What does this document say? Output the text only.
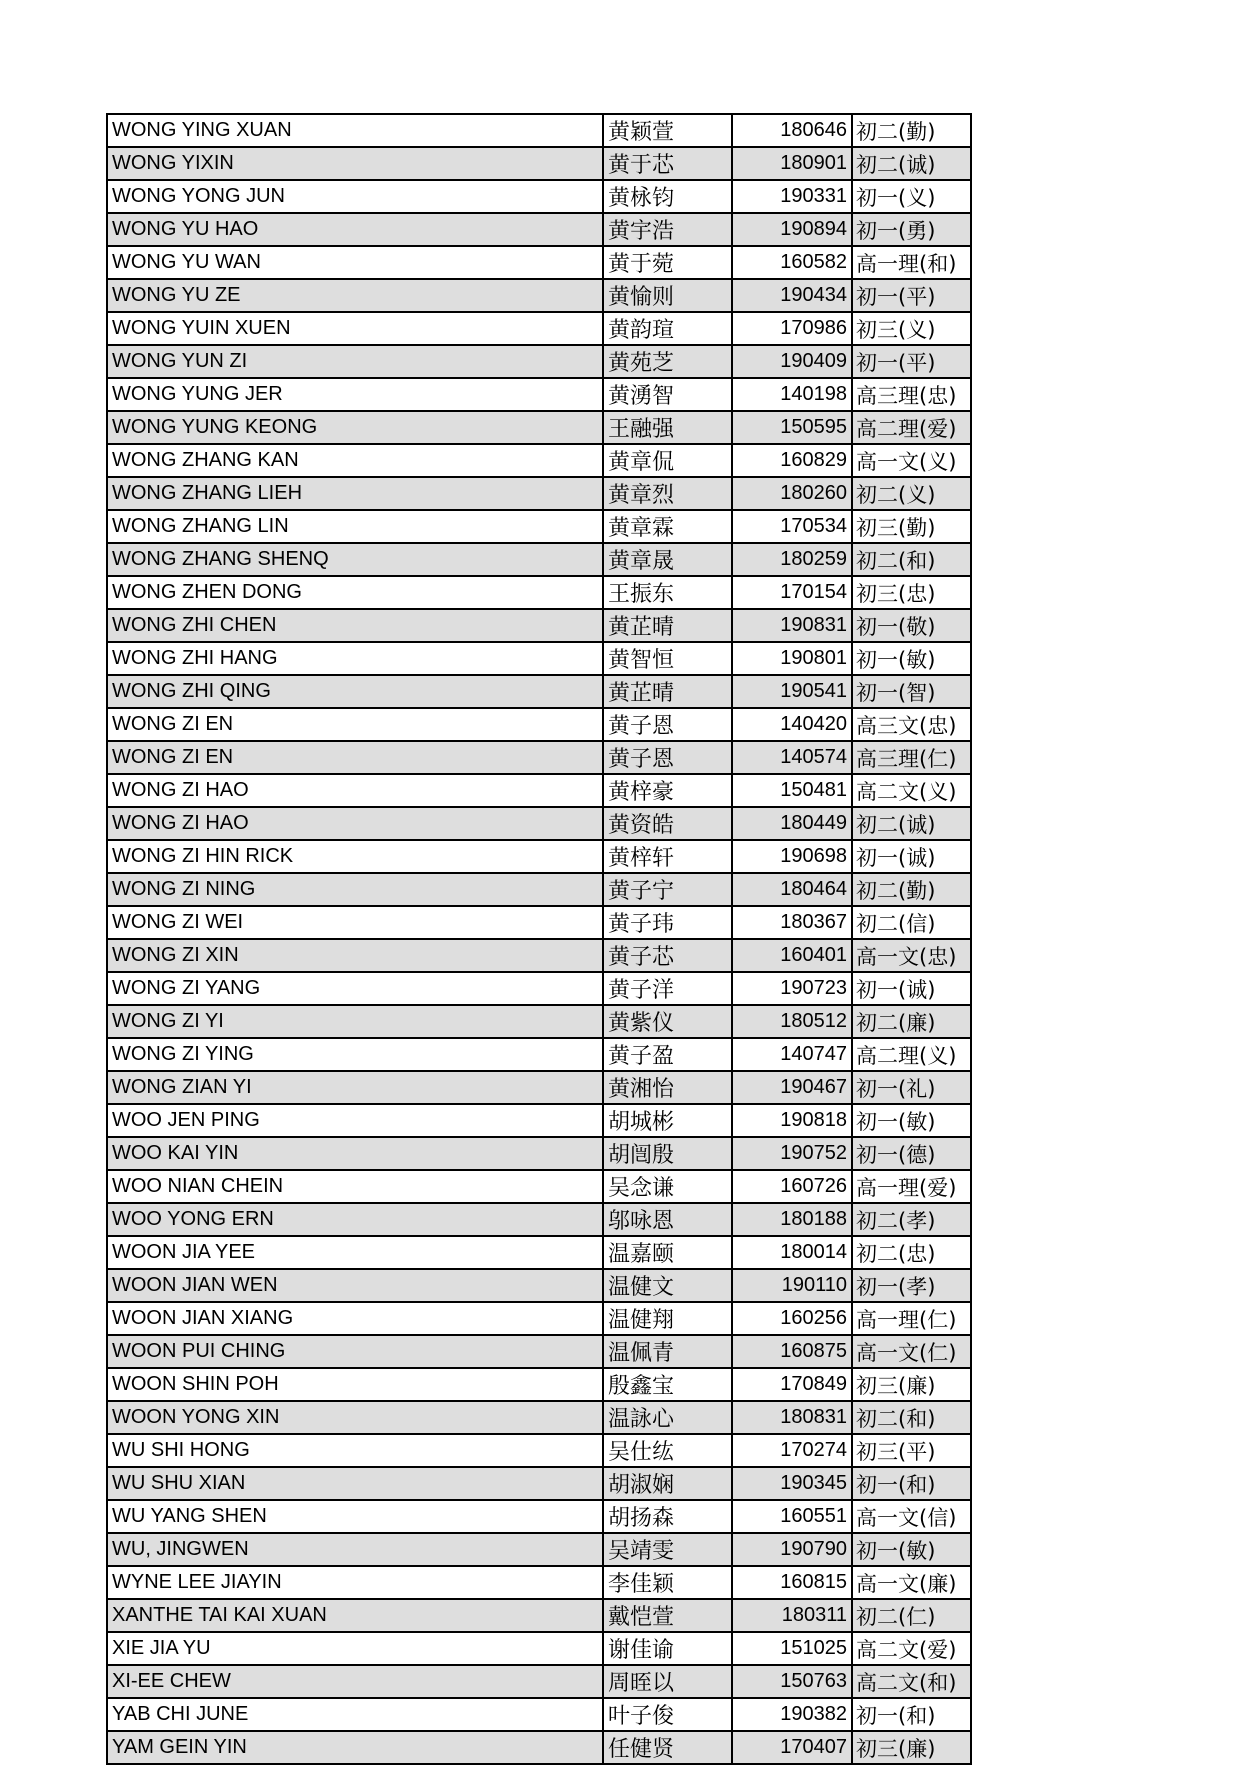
WONG YING XUAN	黄颖萱	180646	初二(勤)
WONG YIXIN	黄于芯	180901	初二(诚)
WONG YONG JUN	黄栐钧	190331	初一(义)
WONG YU HAO	黄宇浩	190894	初一(勇)
WONG YU WAN	黄于菀	160582	高一理(和)
WONG YU ZE	黄愉则	190434	初一(平)
WONG YUIN XUEN	黄韵瑄	170986	初三(义)
WONG YUN ZI	黄苑芝	190409	初一(平)
WONG YUNG JER	黄湧智	140198	高三理(忠)
WONG YUNG KEONG	王融强	150595	高二理(爱)
WONG ZHANG KAN	黄章侃	160829	高一文(义)
WONG ZHANG LIEH	黄章烈	180260	初二(义)
WONG ZHANG LIN	黄章霖	170534	初三(勤)
WONG ZHANG SHENQ	黄章晟	180259	初二(和)
WONG ZHEN DONG	王振东	170154	初三(忠)
WONG ZHI CHEN	黄芷晴	190831	初一(敬)
WONG ZHI HANG	黄智恒	190801	初一(敏)
WONG ZHI QING	黄芷晴	190541	初一(智)
WONG ZI EN	黄子恩	140420	高三文(忠)
WONG ZI EN	黄子恩	140574	高三理(仁)
WONG ZI HAO	黄梓豪	150481	高二文(义)
WONG ZI HAO	黄资皓	180449	初二(诚)
WONG ZI HIN RICK	黄梓轩	190698	初一(诚)
WONG ZI NING	黄子宁	180464	初二(勤)
WONG ZI WEI	黄子玮	180367	初二(信)
WONG ZI XIN	黄子芯	160401	高一文(忠)
WONG ZI YANG	黄子洋	190723	初一(诚)
WONG ZI YI	黄紫仪	180512	初二(廉)
WONG ZI YING	黄子盈	140747	高二理(义)
WONG ZIAN YI	黄湘怡	190467	初一(礼)
WOO JEN PING	胡城彬	190818	初一(敏)
WOO KAI YIN	胡闿殷	190752	初一(德)
WOO NIAN CHEIN	吴念谦	160726	高一理(爱)
WOO YONG ERN	邬咏恩	180188	初二(孝)
WOON JIA YEE	温嘉颐	180014	初二(忠)
WOON JIAN WEN	温健文	190110	初一(孝)
WOON JIAN XIANG	温健翔	160256	高一理(仁)
WOON PUI CHING	温佩青	160875	高一文(仁)
WOON SHIN POH	殷鑫宝	170849	初三(廉)
WOON YONG XIN	温詠心	180831	初二(和)
WU SHI HONG	吴仕纮	170274	初三(平)
WU SHU XIAN	胡淑娴	190345	初一(和)
WU YANG SHEN	胡扬森	160551	高一文(信)
WU, JINGWEN	吴靖雯	190790	初一(敏)
WYNE LEE JIAYIN	李佳颖	160815	高一文(廉)
XANTHE TAI KAI XUAN	戴恺萱	180311	初二(仁)
XIE JIA YU	谢佳谕	151025	高二文(爱)
XI-EE CHEW	周晊以	150763	高二文(和)
YAB CHI JUNE	叶子俊	190382	初一(和)
YAM GEIN YIN	任健贤	170407	初三(廉)
